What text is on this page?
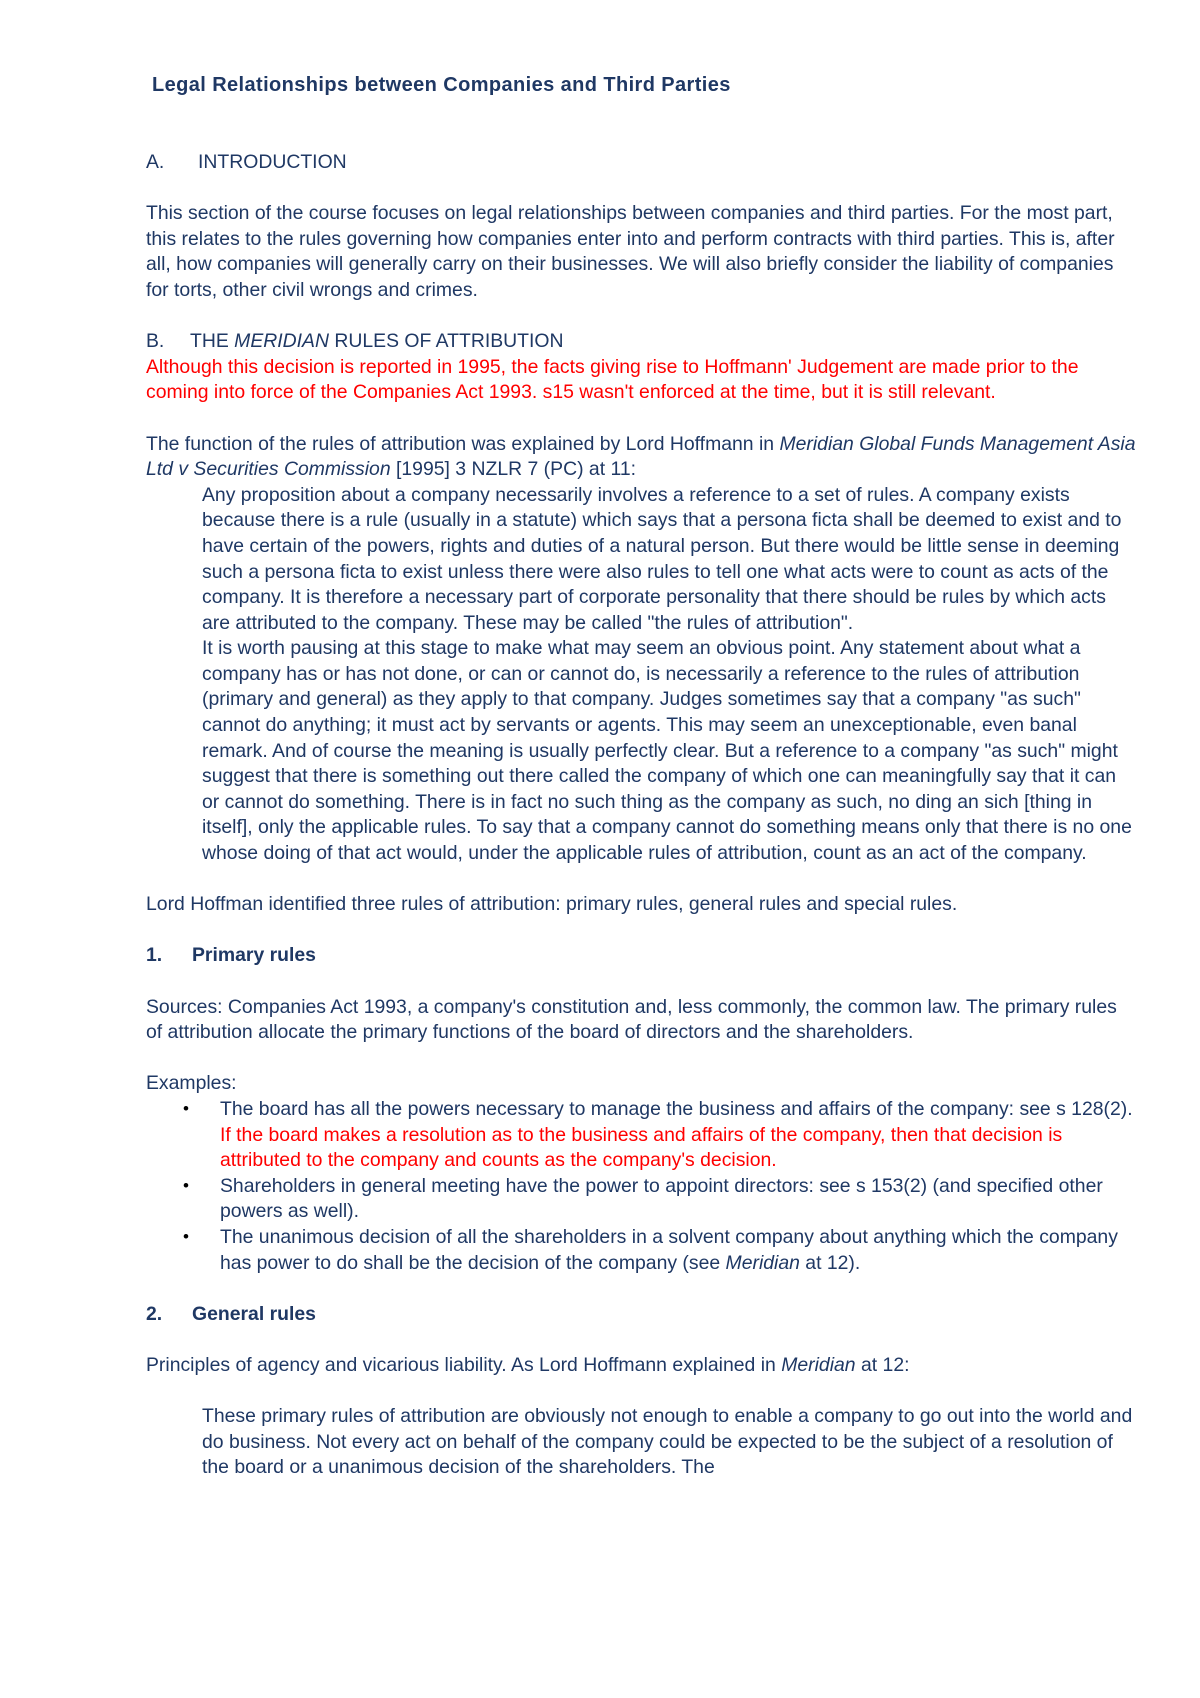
Legal Relationships between Companies and Third Parties

A. INTRODUCTION

This section of the course focuses on legal relationships between companies and third parties. For the most part, this relates to the rules governing how companies enter into and perform contracts with third parties. This is, after all, how companies will generally carry on their businesses. We will also briefly consider the liability of companies for torts, other civil wrongs and crimes.

B. THE MERIDIAN RULES OF ATTRIBUTION

Although this decision is reported in 1995, the facts giving rise to Hoffmann' Judgement are made prior to the coming into force of the Companies Act 1993. s15 wasn't enforced at the time, but it is still relevant.

The function of the rules of attribution was explained by Lord Hoffmann in Meridian Global Funds Management Asia Ltd v Securities Commission [1995] 3 NZLR 7 (PC) at 11:

Any proposition about a company necessarily involves a reference to a set of rules. A company exists because there is a rule (usually in a statute) which says that a persona ficta shall be deemed to exist and to have certain of the powers, rights and duties of a natural person. But there would be little sense in deeming such a persona ficta to exist unless there were also rules to tell one what acts were to count as acts of the company. It is therefore a necessary part of corporate personality that there should be rules by which acts are attributed to the company. These may be called "the rules of attribution".

It is worth pausing at this stage to make what may seem an obvious point. Any statement about what a company has or has not done, or can or cannot do, is necessarily a reference to the rules of attribution (primary and general) as they apply to that company. Judges sometimes say that a company "as such" cannot do anything; it must act by servants or agents. This may seem an unexceptionable, even banal remark. And of course the meaning is usually perfectly clear. But a reference to a company "as such" might suggest that there is something out there called the company of which one can meaningfully say that it can or cannot do something. There is in fact no such thing as the company as such, no ding an sich [thing in itself], only the applicable rules. To say that a company cannot do something means only that there is no one whose doing of that act would, under the applicable rules of attribution, count as an act of the company.

Lord Hoffman identified three rules of attribution: primary rules, general rules and special rules.

1. Primary rules

Sources: Companies Act 1993, a company's constitution and, less commonly, the common law. The primary rules of attribution allocate the primary functions of the board of directors and the shareholders.

Examples:

• The board has all the powers necessary to manage the business and affairs of the company: see s 128(2). If the board makes a resolution as to the business and affairs of the company, then that decision is attributed to the company and counts as the company's decision.
• Shareholders in general meeting have the power to appoint directors: see s 153(2) (and specified other powers as well).
• The unanimous decision of all the shareholders in a solvent company about anything which the company has power to do shall be the decision of the company (see Meridian at 12).

2. General rules

Principles of agency and vicarious liability. As Lord Hoffmann explained in Meridian at 12:

These primary rules of attribution are obviously not enough to enable a company to go out into the world and do business. Not every act on behalf of the company could be expected to be the subject of a resolution of the board or a unanimous decision of the shareholders. The
